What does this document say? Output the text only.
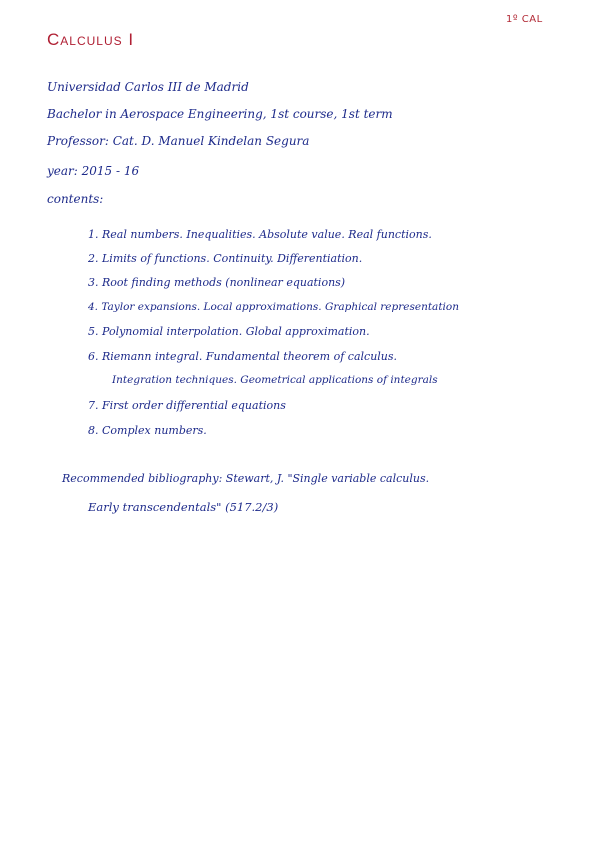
1º CAL
Calculus I
Universidad Carlos III de Madrid
Bachelor in Aerospace Engineering, 1st course, 1st term
Professor: Cat. D. Manuel Kindelan Segura
year: 2015 - 16
contents:
1. Real numbers. Inequalities. Absolute value. Real functions.
2. Limits of functions. Continuity. Differentiation.
3. Root finding methods (nonlinear equations)
4. Taylor expansions. Local approximations. Graphical representation
5. Polynomial interpolation. Global approximation.
6. Riemann integral. Fundamental theorem of calculus.
Integration techniques. Geometrical applications of integrals
7. First order differential equations
8. Complex numbers.
Recommended bibliography: Stewart, J. "Single variable calculus.
Early transcendentals" (517.2/3)
